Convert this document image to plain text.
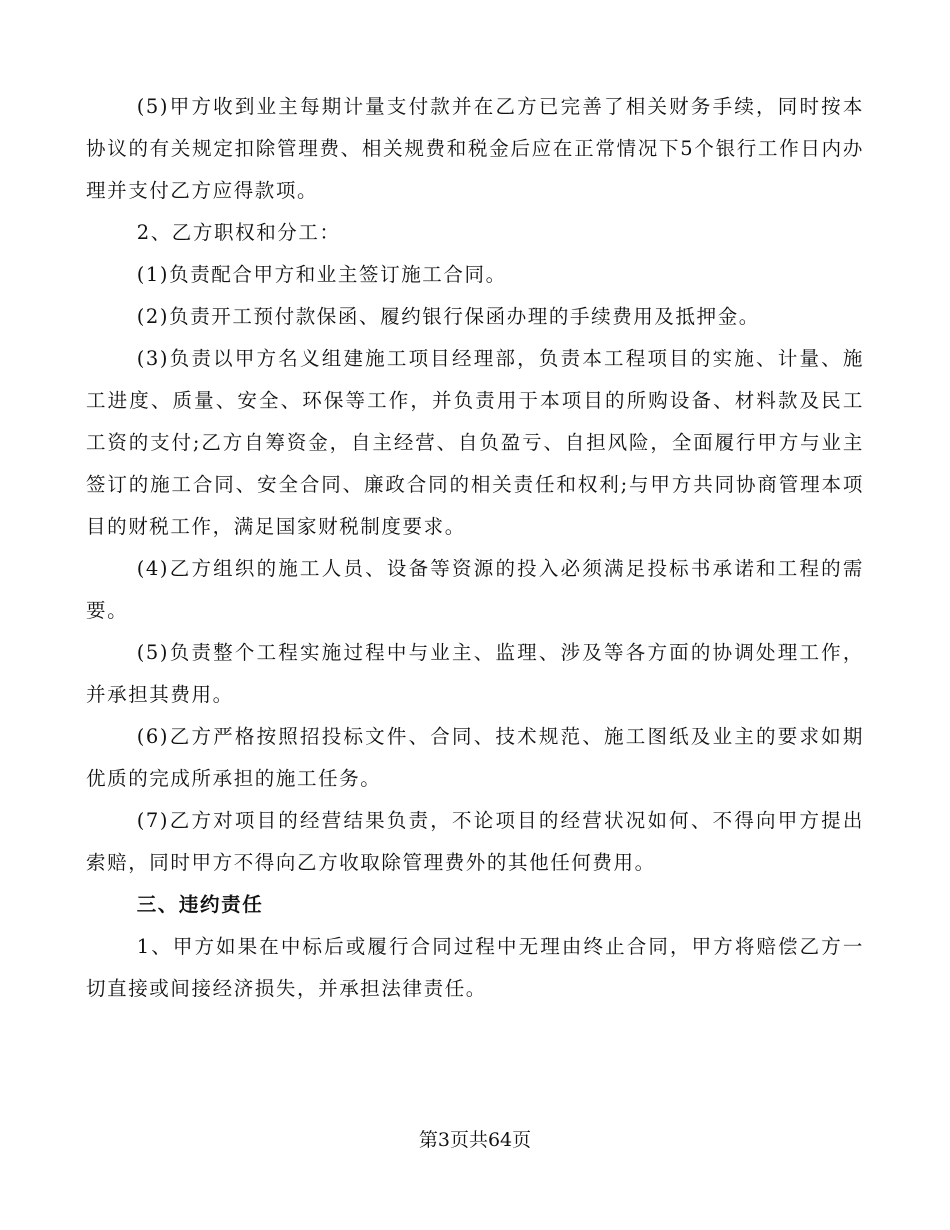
(5)甲方收到业主每期计量支付款并在乙方已完善了相关财务手续，同时按本协议的有关规定扣除管理费、相关规费和税金后应在正常情况下5个银行工作日内办理并支付乙方应得款项。

2、乙方职权和分工：

(1)负责配合甲方和业主签订施工合同。

(2)负责开工预付款保函、履约银行保函办理的手续费用及抵押金。

(3)负责以甲方名义组建施工项目经理部，负责本工程项目的实施、计量、施工进度、质量、安全、环保等工作，并负责用于本项目的所购设备、材料款及民工工资的支付;乙方自筹资金，自主经营、自负盈亏、自担风险，全面履行甲方与业主签订的施工合同、安全合同、廉政合同的相关责任和权利;与甲方共同协商管理本项目的财税工作，满足国家财税制度要求。

(4)乙方组织的施工人员、设备等资源的投入必须满足投标书承诺和工程的需要。

(5)负责整个工程实施过程中与业主、监理、涉及等各方面的协调处理工作，并承担其费用。

(6)乙方严格按照招投标文件、合同、技术规范、施工图纸及业主的要求如期优质的完成所承担的施工任务。

(7)乙方对项目的经营结果负责，不论项目的经营状况如何、不得向甲方提出索赔，同时甲方不得向乙方收取除管理费外的其他任何费用。

三、违约责任

1、甲方如果在中标后或履行合同过程中无理由终止合同，甲方将赔偿乙方一切直接或间接经济损失，并承担法律责任。

第3页共64页
